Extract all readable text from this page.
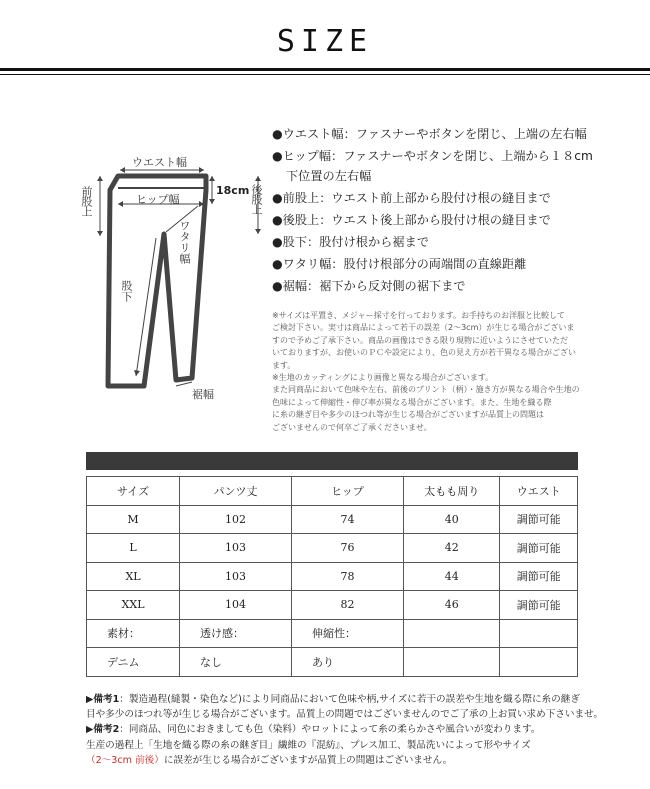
SIZE
ウエスト幅
ヒップ幅
18cm
前股上	後股上
ワタリ幅
股下
裾幅
●ウエスト幅：ファスナーやボタンを閉じ、上端の左右幅
●ヒップ幅：ファスナーやボタンを閉じ、上端から１８cm
下位置の左右幅
●前股上：ウエスト前上部から股付け根の縫目まで
●後股上：ウエスト後上部から股付け根の縫目まで
●股下：股付け根から裾まで
●ワタリ幅：股付け根部分の両端間の直線距離
●裾幅：裾下から反対側の裾下まで

※サイズは平置き、メジャー採寸を行っております。お手持ちのお洋服と比較して

ご検討下さい。実寸は商品によって若干の誤差（2〜3cm）が生じる場合がございま

すので予めご了承下さい。商品の画像はできる限り現物に近いようにさせていただ

いておりますが、お使いのＰＣや設定により、色の見え方が若干異なる場合がござい

ます。

※生地のカッティングにより画像と異なる場合がございます。

また同商品において色味や左右、前後のプリント（柄）・施き方が異なる場合や生地の

色味によって伸縮性・伸び率が異なる場合がございます。また、生地を織る際

に糸の継ぎ目や多少のほつれ等が生じる場合がございますが品質上の問題は

ございませんので何卒ご了承くださいませ。

サイズ	パンツ丈	ヒップ	太もも周り	ウエスト
M	102	74	40	調節可能
L	103	76	42	調節可能
XL	103	78	44	調節可能
XXL	104	82	46	調節可能
素材：	透け感：	伸縮性：		
デニム	なし	あり		

▶備考1：製造過程(縫製・染色など)により同商品において色味や柄,サイズに若干の誤差や生地を織る際に糸の継ぎ

目や多少のほつれ等が生じる場合がございます。品質上の問題ではございませんのでご了承の上お買い求め下さいませ。

▶備考2：同商品、同色におきましても色（染料）やロットによって糸の柔らかさや風合いが変わります。

生産の過程上「生地を織る際の糸の継ぎ目」繊維の『混紡』、プレス加工、製品洗いによって形やサイズ

（2〜3cm 前後）に誤差が生じる場合がございますが品質上の問題はございません。
